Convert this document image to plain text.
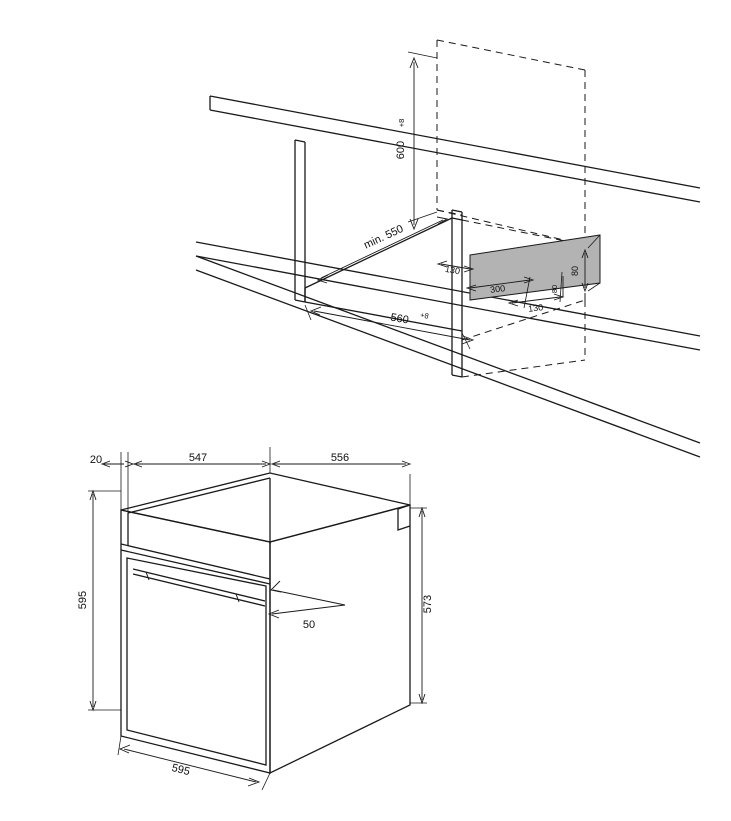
600
+8
min. 550
560 +8
130
300
130
80
80
20	547	556
595	573
50
595
